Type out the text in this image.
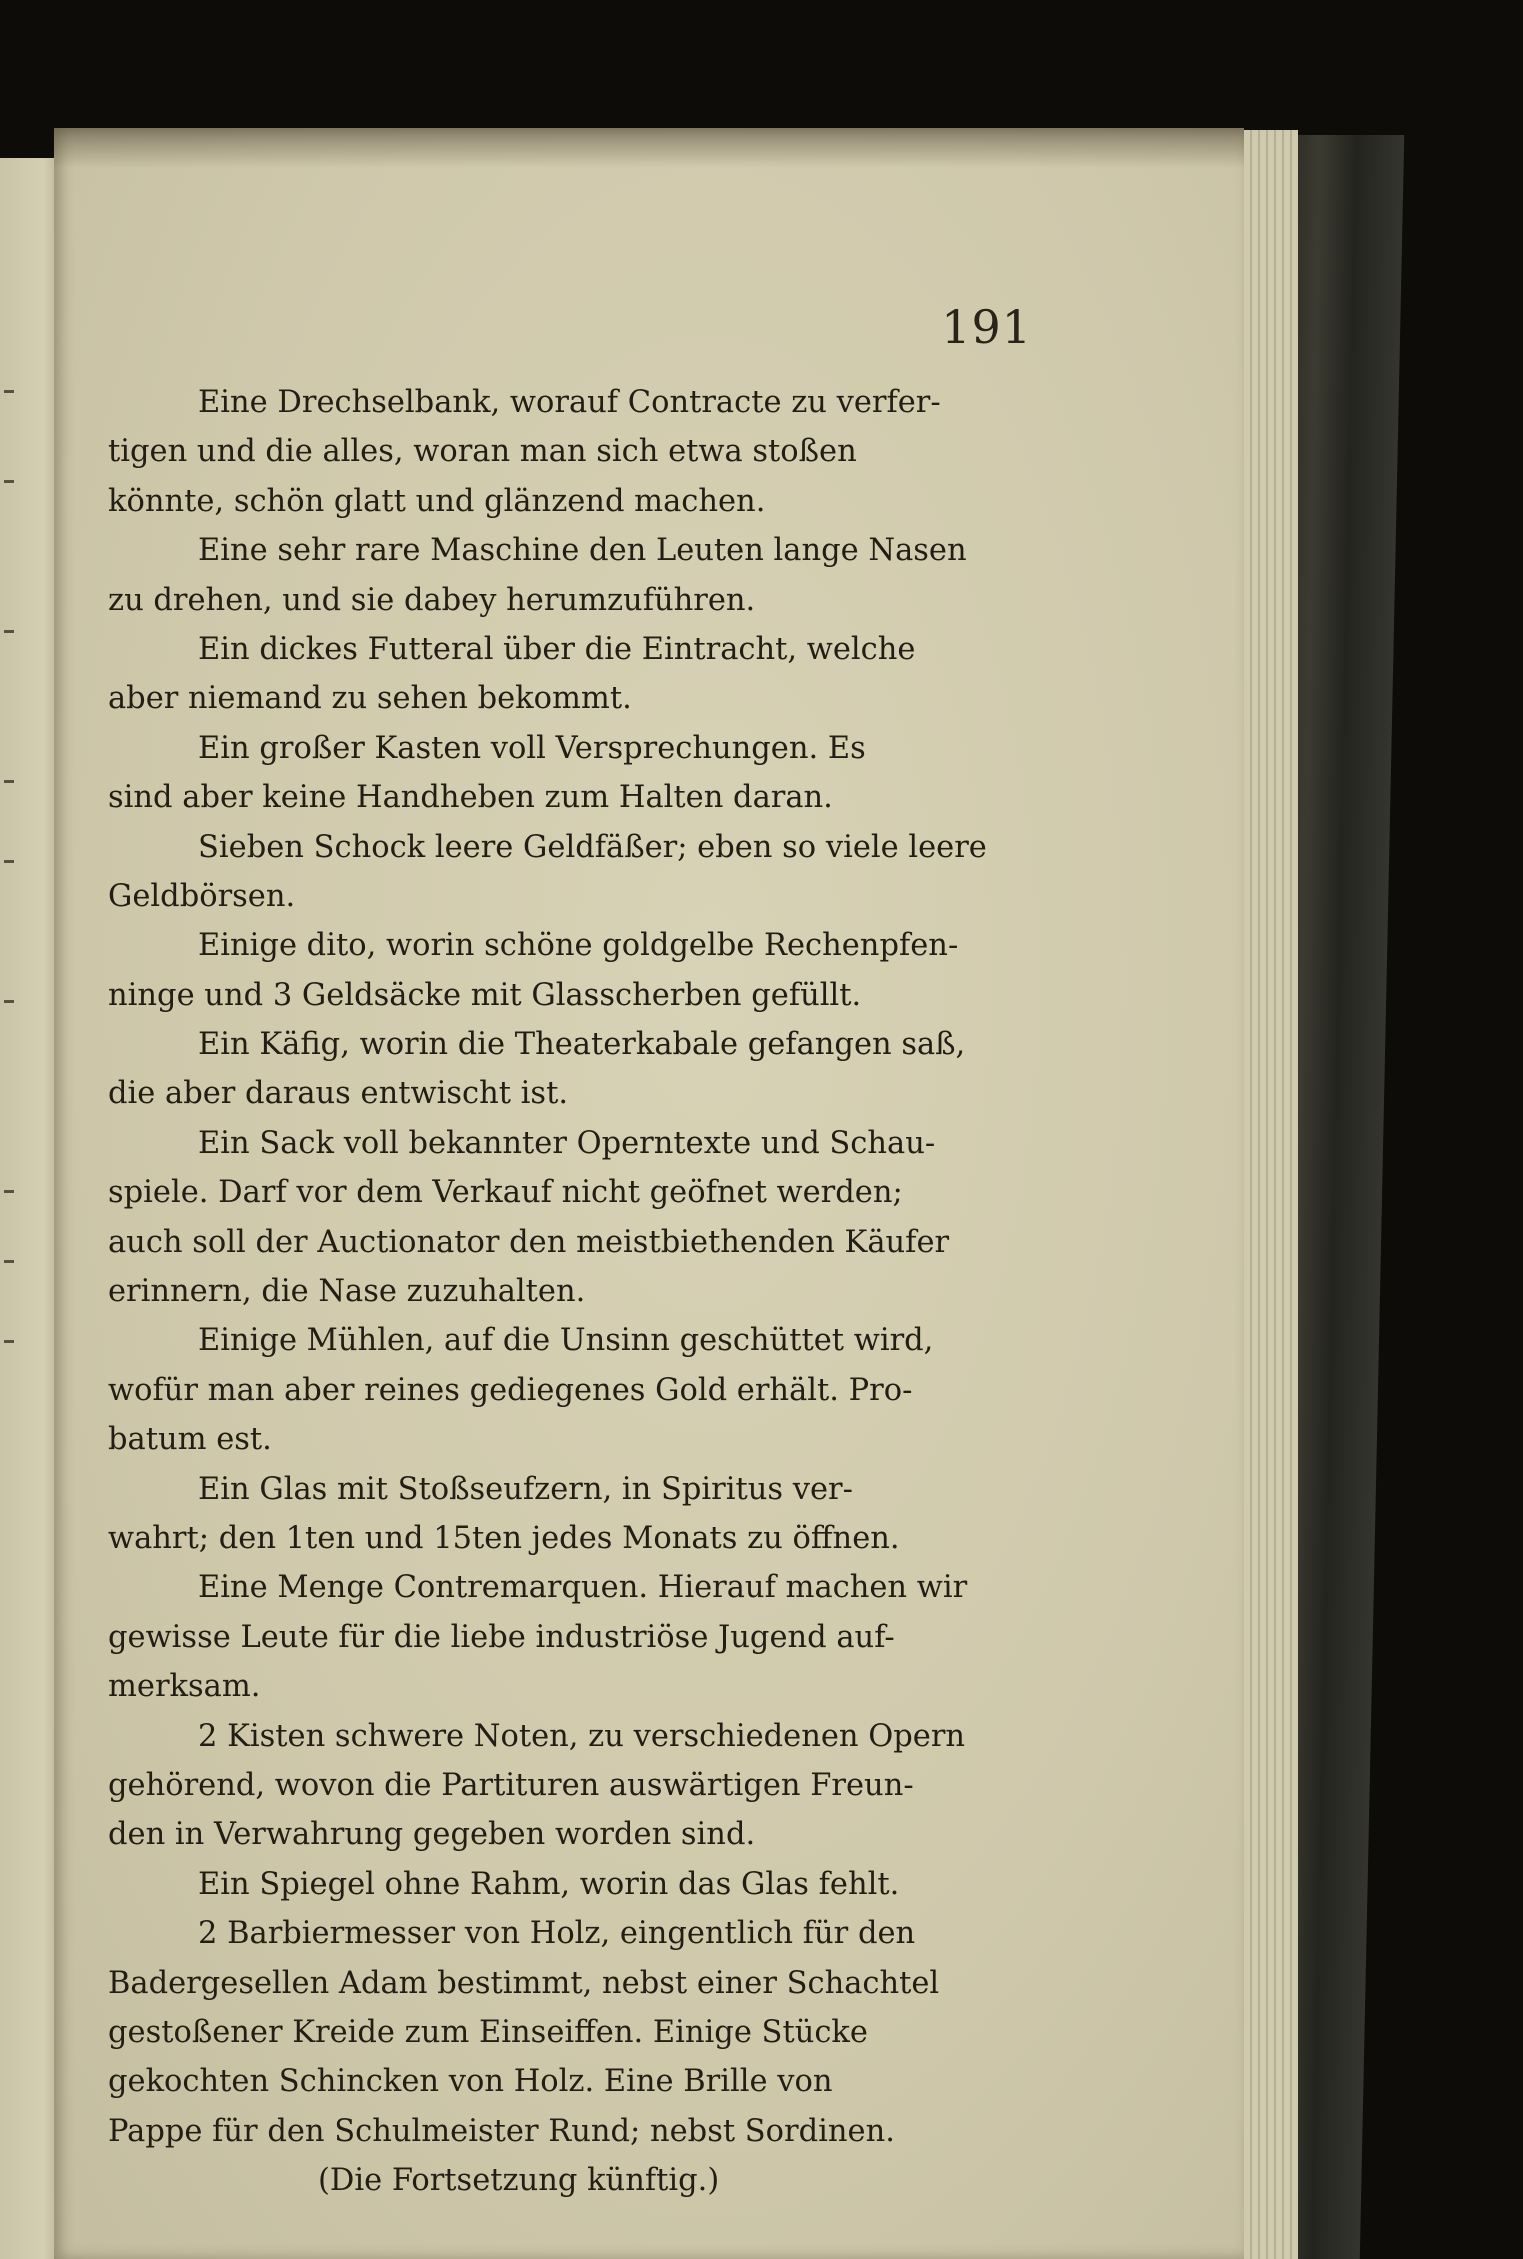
191
Eine Drechselbank, worauf Contracte zu verfer-
tigen und die alles, woran man sich etwa stoßen
könnte, schön glatt und glänzend machen.
Eine sehr rare Maschine den Leuten lange Nasen
zu drehen, und sie dabey herumzuführen.
Ein dickes Futteral über die Eintracht, welche
aber niemand zu sehen bekommt.
Ein großer Kasten voll Versprechungen. Es
sind aber keine Handheben zum Halten daran.
Sieben Schock leere Geldfäßer; eben so viele leere
Geldbörsen.
Einige dito, worin schöne goldgelbe Rechenpfen-
ninge und 3 Geldsäcke mit Glasscherben gefüllt.
Ein Käfig, worin die Theaterkabale gefangen saß,
die aber daraus entwischt ist.
Ein Sack voll bekannter Operntexte und Schau-
spiele. Darf vor dem Verkauf nicht geöfnet werden;
auch soll der Auctionator den meistbiethenden Käufer
erinnern, die Nase zuzuhalten.
Einige Mühlen, auf die Unsinn geschüttet wird,
wofür man aber reines gediegenes Gold erhält. Pro-
batum est.
Ein Glas mit Stoßseufzern, in Spiritus ver-
wahrt; den 1ten und 15ten jedes Monats zu öffnen.
Eine Menge Contremarquen. Hierauf machen wir
gewisse Leute für die liebe industriöse Jugend auf-
merksam.
2 Kisten schwere Noten, zu verschiedenen Opern
gehörend, wovon die Partituren auswärtigen Freun-
den in Verwahrung gegeben worden sind.
Ein Spiegel ohne Rahm, worin das Glas fehlt.
2 Barbiermesser von Holz, eingentlich für den
Badergesellen Adam bestimmt, nebst einer Schachtel
gestoßener Kreide zum Einseiffen. Einige Stücke
gekochten Schincken von Holz. Eine Brille von
Pappe für den Schulmeister Rund; nebst Sordinen.
(Die Fortsetzung künftig.)
